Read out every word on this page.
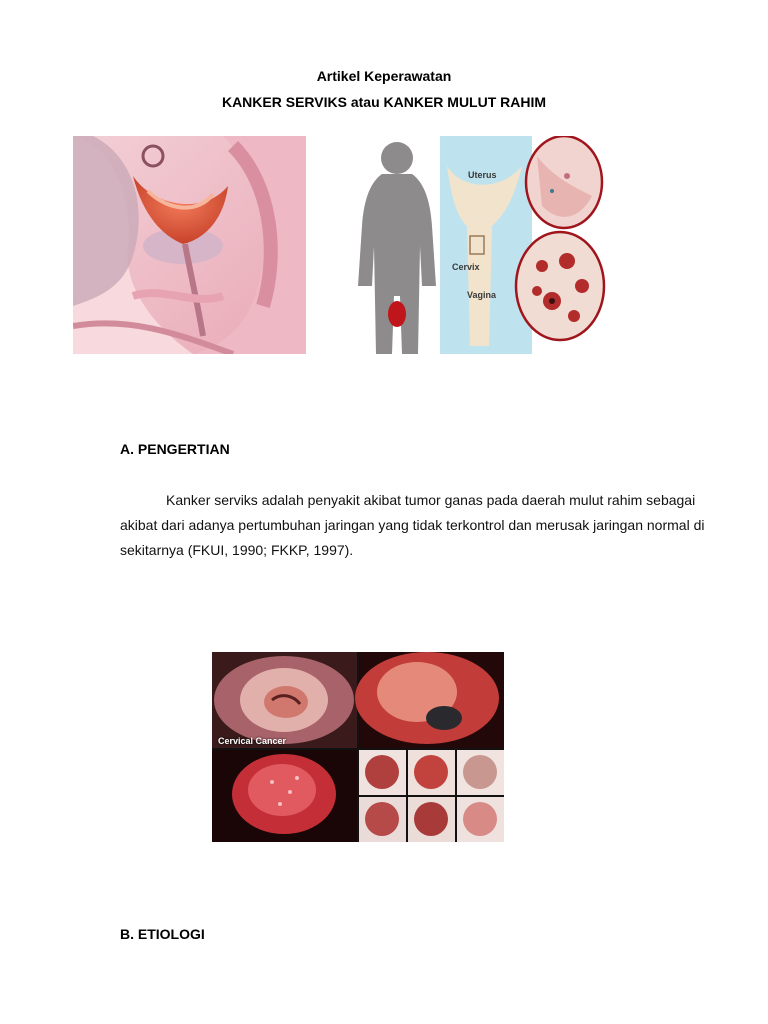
Artikel Keperawatan
KANKER SERVIKS atau KANKER MULUT RAHIM
Uterus
Cervix
Vagina
A. PENGERTIAN
Kanker serviks adalah penyakit akibat tumor ganas pada daerah mulut rahim sebagai akibat dari adanya pertumbuhan jaringan yang tidak terkontrol dan merusak jaringan normal di sekitarnya (FKUI, 1990; FKKP, 1997).
Cervical Cancer
B. ETIOLOGI
